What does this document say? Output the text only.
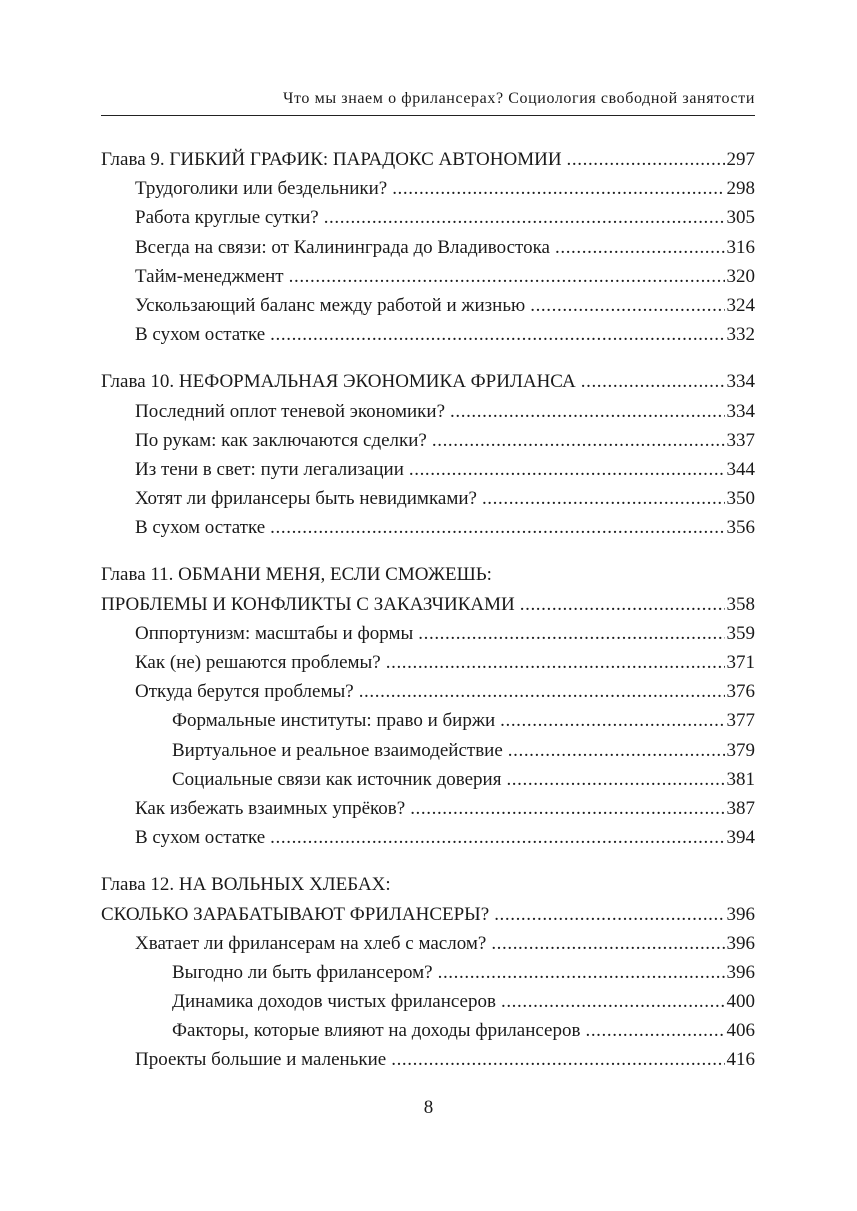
Что мы знаем о фрилансерах? Социология свободной занятости
Глава 9. ГИБКИЙ ГРАФИК: ПАРАДОКС АВТОНОМИИ .....	297
Трудоголики или бездельники? .....	298
Работа круглые сутки? .....	305
Всегда на связи: от Калининграда до Владивостока .....	316
Тайм-менеджмент .....	320
Ускользающий баланс между работой и жизнью .....	324
В сухом остатке .....	332
Глава 10. НЕФОРМАЛЬНАЯ ЭКОНОМИКА ФРИЛАНСА .....	334
Последний оплот теневой экономики? .....	334
По рукам: как заключаются сделки? .....	337
Из тени в свет: пути легализации .....	344
Хотят ли фрилансеры быть невидимками? .....	350
В сухом остатке .....	356
Глава 11. ОБМАНИ МЕНЯ, ЕСЛИ СМОЖЕШЬ:
ПРОБЛЕМЫ И КОНФЛИКТЫ С ЗАКАЗЧИКАМИ .....	358
Оппортунизм: масштабы и формы .....	359
Как (не) решаются проблемы? .....	371
Откуда берутся проблемы? .....	376
Формальные институты: право и биржи .....	377
Виртуальное и реальное взаимодействие .....	379
Социальные связи как источник доверия .....	381
Как избежать взаимных упрёков? .....	387
В сухом остатке .....	394
Глава 12. НА ВОЛЬНЫХ ХЛЕБАХ:
СКОЛЬКО ЗАРАБАТЫВАЮТ ФРИЛАНСЕРЫ? .....	396
Хватает ли фрилансерам на хлеб с маслом? .....	396
Выгодно ли быть фрилансером? .....	396
Динамика доходов чистых фрилансеров .....	400
Факторы, которые влияют на доходы фрилансеров .....	406
Проекты большие и маленькие .....	416
8
